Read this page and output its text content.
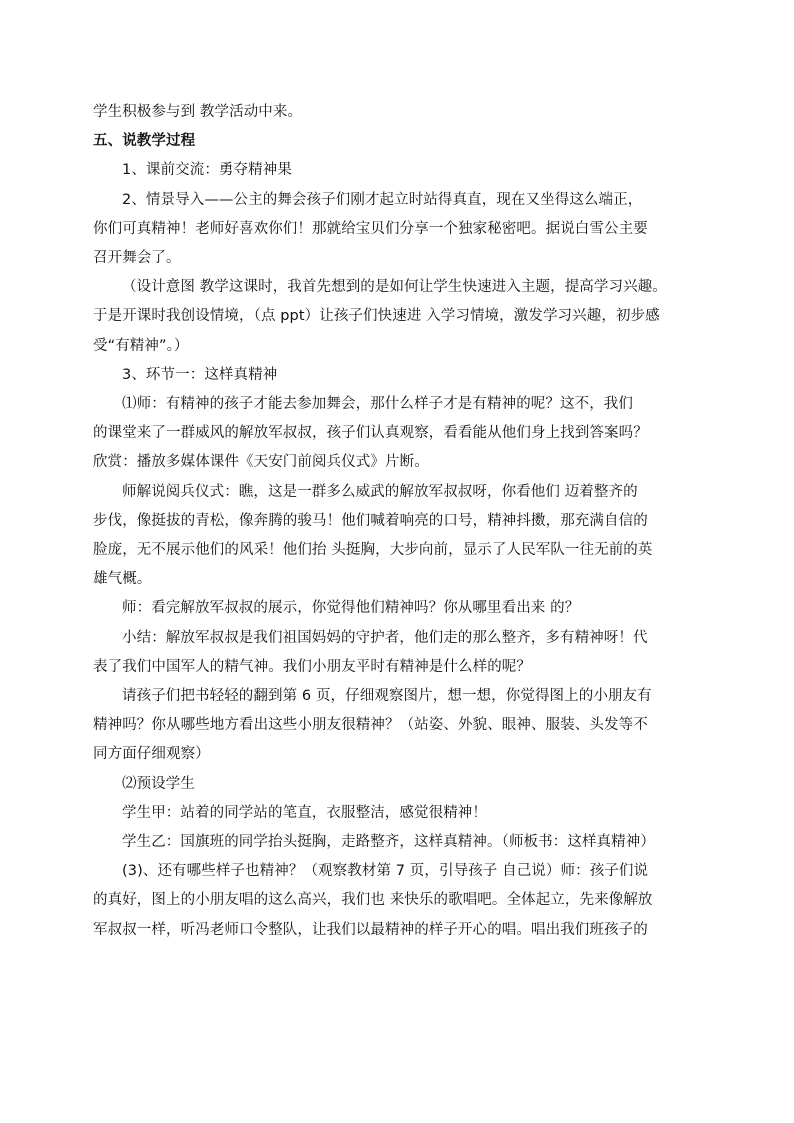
学生积极参与到 教学活动中来。
五、说教学过程
1、课前交流：勇夺精神果
2、情景导入——公主的舞会孩子们刚才起立时站得真直，现在又坐得这么端正，
你们可真精神！老师好喜欢你们！那就给宝贝们分享一个独家秘密吧。据说白雪公主要
召开舞会了。
（设计意图 教学这课时，我首先想到的是如何让学生快速进入主题，提高学习兴趣。
于是开课时我创设情境，（点 ppt）让孩子们快速进 入学习情境，激发学习兴趣，初步感
受“有精神”。）
3、环节一：这样真精神
⑴师：有精神的孩子才能去参加舞会，那什么样子才是有精神的呢？这不，我们
的课堂来了一群威风的解放军叔叔，孩子们认真观察，看看能从他们身上找到答案吗？
欣赏：播放多媒体课件《天安门前阅兵仪式》片断。
师解说阅兵仪式：瞧，这是一群多么威武的解放军叔叔呀，你看他们 迈着整齐的
步伐，像挺拔的青松，像奔腾的骏马！他们喊着响亮的口号，精神抖擞，那充满自信的
脸庞，无不展示他们的风采！他们抬 头挺胸，大步向前，显示了人民军队一往无前的英
雄气概。
师：看完解放军叔叔的展示，你觉得他们精神吗？你从哪里看出来 的？
小结：解放军叔叔是我们祖国妈妈的守护者，他们走的那么整齐，多有精神呀！代
表了我们中国军人的精气神。我们小朋友平时有精神是什么样的呢？
请孩子们把书轻轻的翻到第 6 页，仔细观察图片，想一想，你觉得图上的小朋友有
精神吗？你从哪些地方看出这些小朋友很精神？（站姿、外貌、眼神、服装、头发等不
同方面仔细观察）
⑵预设学生
学生甲：站着的同学站的笔直，衣服整洁，感觉很精神！
学生乙：国旗班的同学抬头挺胸，走路整齐，这样真精神。（师板书：这样真精神）
(3)、还有哪些样子也精神？（观察教材第 7 页，引导孩子 自己说）师：孩子们说
的真好，图上的小朋友唱的这么高兴，我们也 来快乐的歌唱吧。全体起立，先来像解放
军叔叔一样，听冯老师口令整队，让我们以最精神的样子开心的唱。唱出我们班孩子的
